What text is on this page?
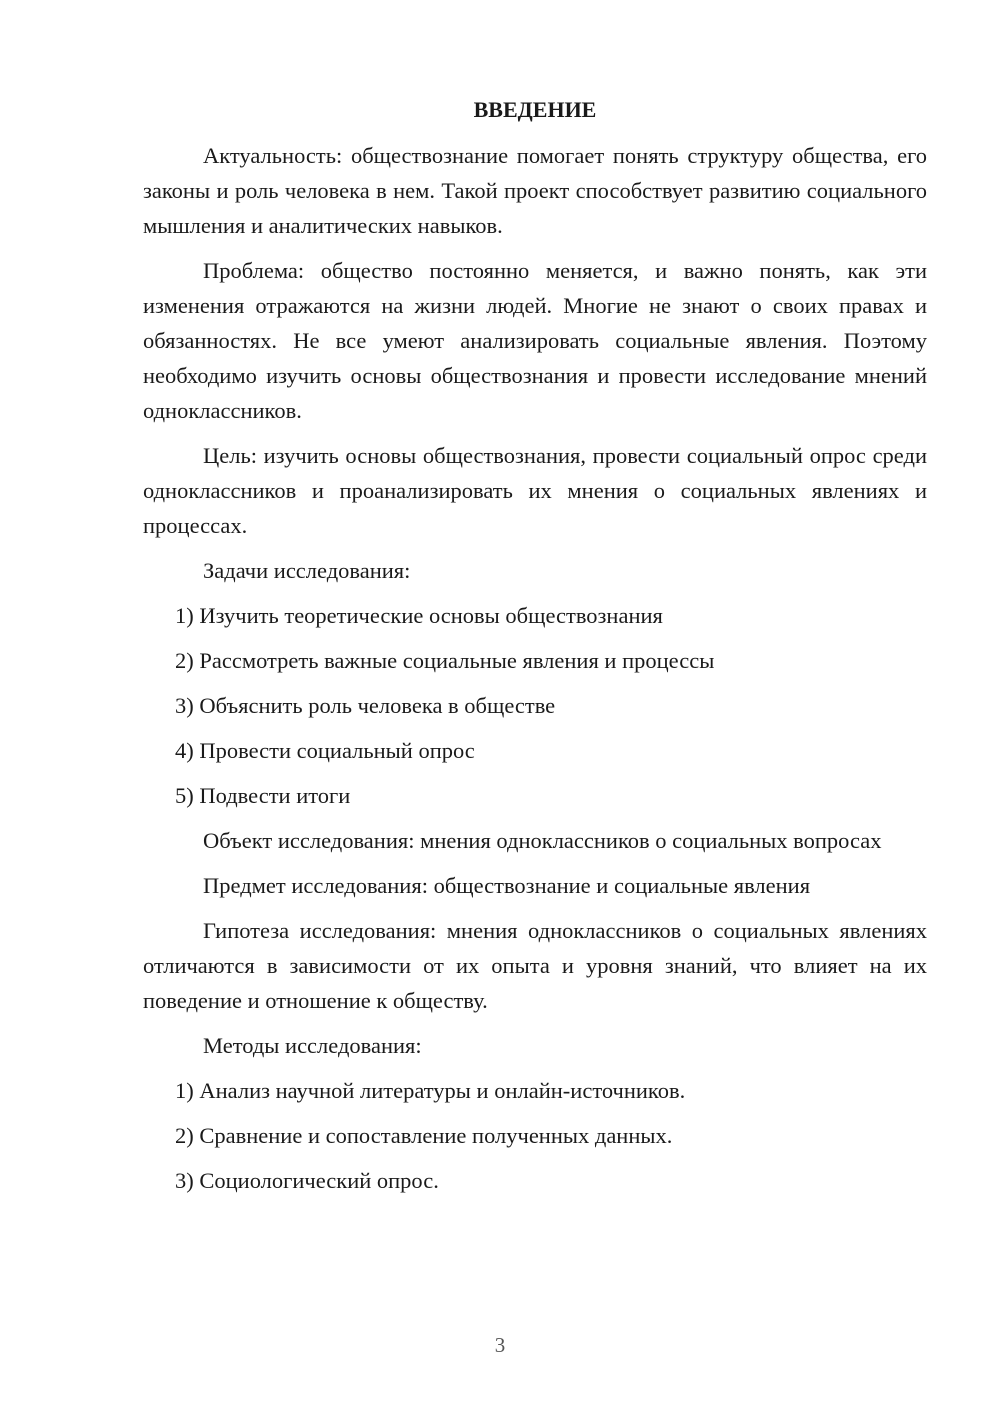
ВВЕДЕНИЕ

Актуальность: обществознание помогает понять структуру общества, его законы и роль человека в нем. Такой проект способствует развитию социального мышления и аналитических навыков.

Проблема: общество постоянно меняется, и важно понять, как эти изменения отражаются на жизни людей. Многие не знают о своих правах и обязанностях. Не все умеют анализировать социальные явления. Поэтому необходимо изучить основы обществознания и провести исследование мнений одноклассников.

Цель: изучить основы обществознания, провести социальный опрос среди одноклассников и проанализировать их мнения о социальных явлениях и процессах.

Задачи исследования:

1) Изучить теоретические основы обществознания
2) Рассмотреть важные социальные явления и процессы
3) Объяснить роль человека в обществе
4) Провести социальный опрос
5) Подвести итоги

Объект исследования: мнения одноклассников о социальных вопросах

Предмет исследования: обществознание и социальные явления

Гипотеза исследования: мнения одноклассников о социальных явлениях отличаются в зависимости от их опыта и уровня знаний, что влияет на их поведение и отношение к обществу.

Методы исследования:

1) Анализ научной литературы и онлайн-источников.
2) Сравнение и сопоставление полученных данных.
3) Социологический опрос.
3
